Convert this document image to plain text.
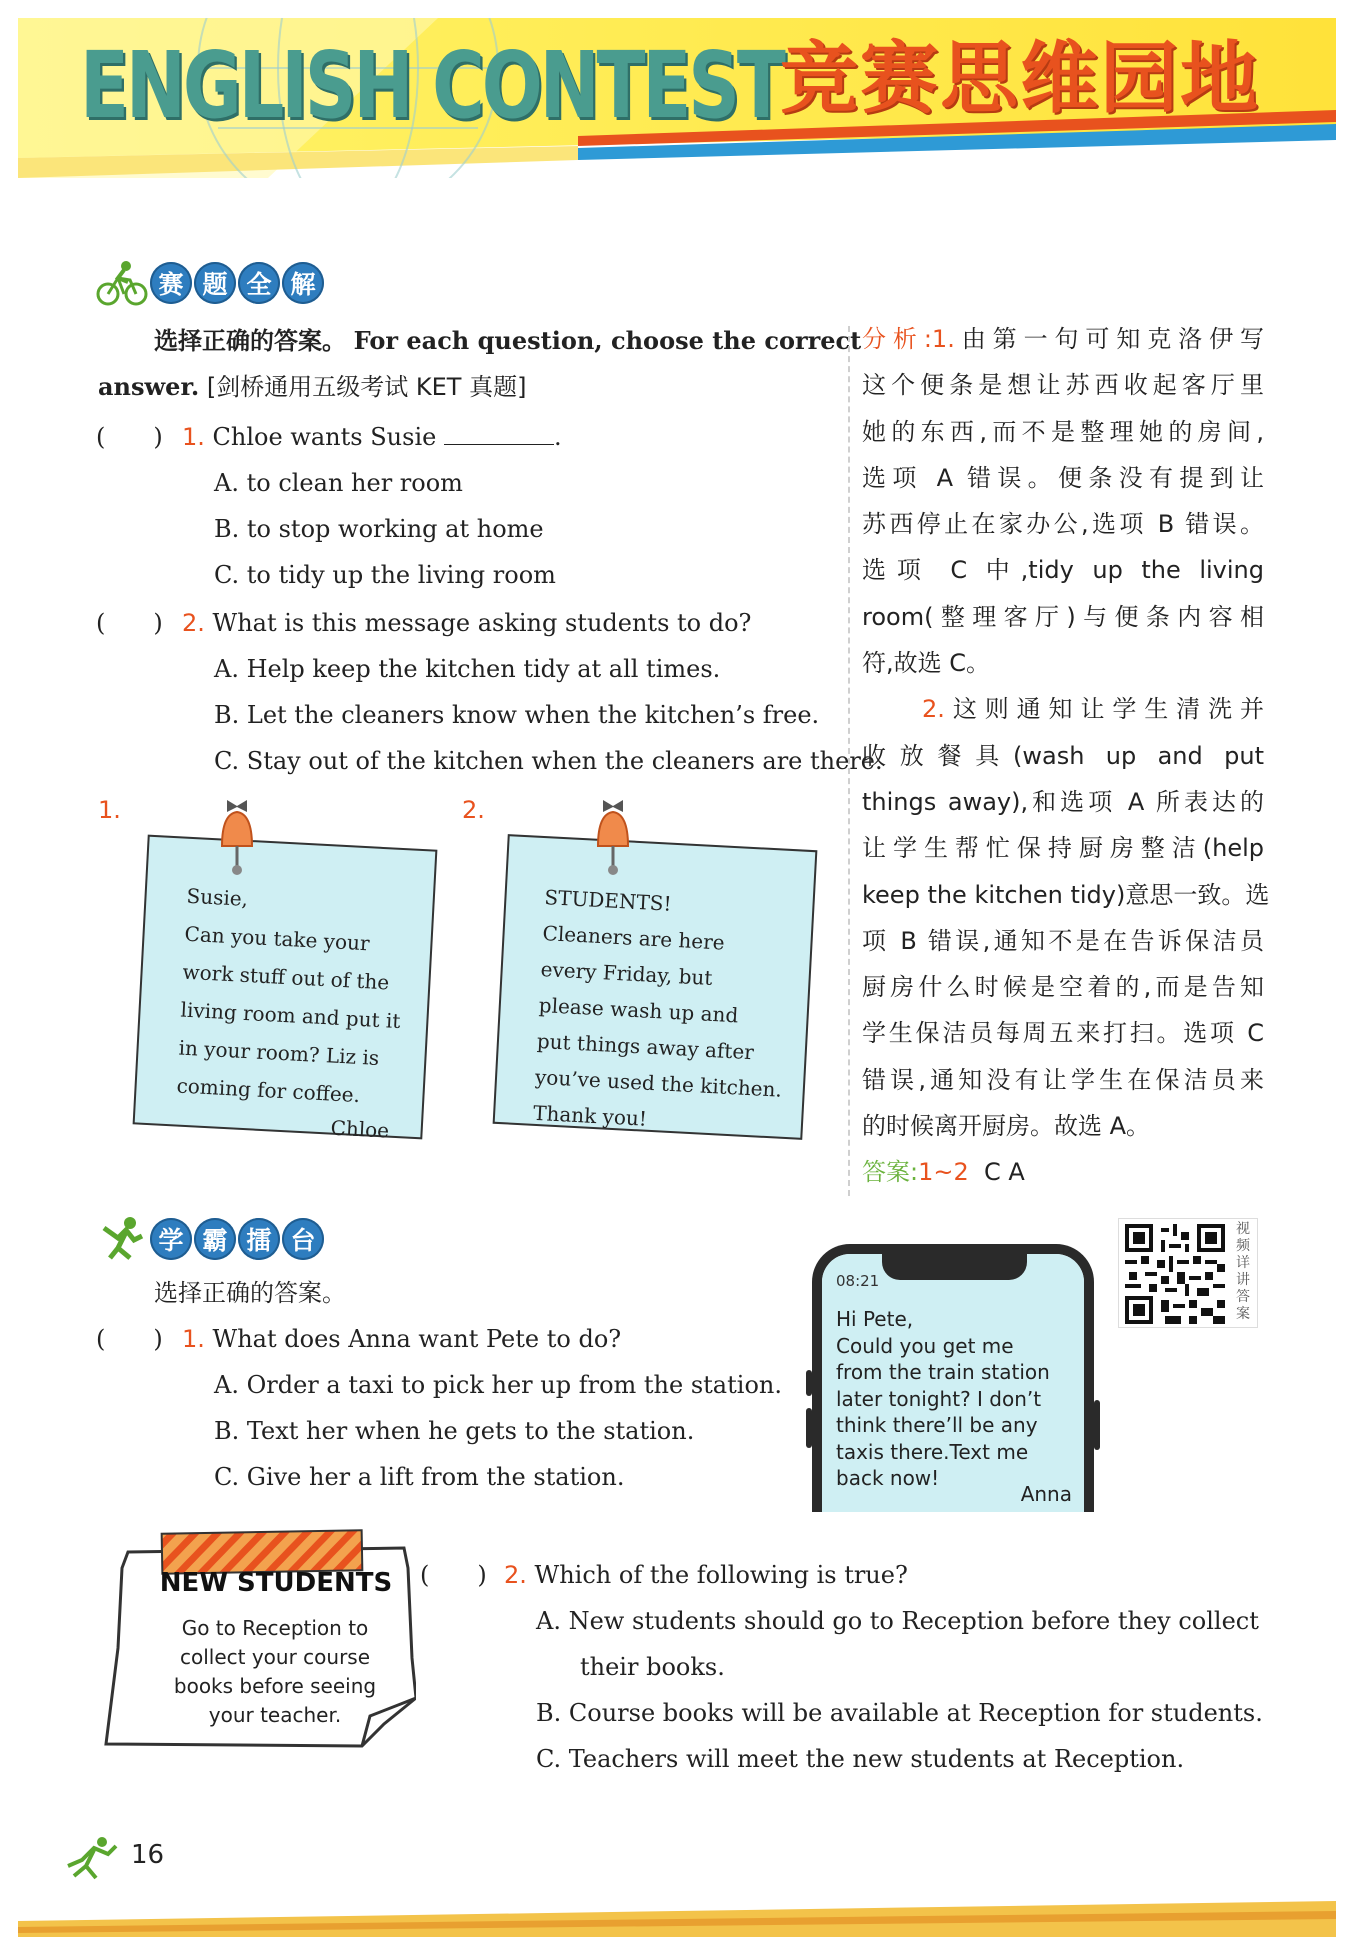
ENGLISH CONTEST
竞赛思维园地
赛 题 全 解
选择正确的答案。 For each question, choose the correct
answer. [剑桥通用五级考试 KET 真题]
(　　) 1. Chloe wants Susie	.
A. to clean her room
B. to stop working at home
C. to tidy up the living room
(　　) 2. What is this message asking students to do?
A. Help keep the kitchen tidy at all times.
B. Let the cleaners know when the kitchen’s free.
C. Stay out of the kitchen when the cleaners are there.
1.	2.
Susie,
Can you take your
work stuff out of the
living room and put it
in your room? Liz is
coming for coffee.
Chloe
STUDENTS!
Cleaners are here
every Friday, but
please wash up and
put things away after
you’ve used the kitchen.
Thank you!
分析:1.由第一句可知克洛伊写
这个便条是想让苏西收起客厅里
她的东西,而不是整理她的房间,
选项 A 错误。便条没有提到让
苏西停止在家办公,选项 B 错误。
选项 C 中,tidy up the living
room(整理客厅)与便条内容相
符,故选 C。
2.这则通知让学生清洗并
收放餐具(wash up and put
things away),和选项 A 所表达的
让学生帮忙保持厨房整洁(help
keep the kitchen tidy)意思一致。选
项 B 错误,通知不是在告诉保洁员
厨房什么时候是空着的,而是告知
学生保洁员每周五来打扫。选项 C
错误,通知没有让学生在保洁员来
的时候离开厨房。故选 A。
答案:1~2 C A
学 霸 擂 台
选择正确的答案。
(　　) 1. What does Anna want Pete to do?
A. Order a taxi to pick her up from the station.
B. Text her when he gets to the station.
C. Give her a lift from the station.
08:21
Hi Pete,
Could you get me
from the train station
later tonight? I don’t
think there’ll be any
taxis there.Text me
back now!
Anna
视
频
详
讲
答
案
NEW STUDENTS
Go to Reception to
collect your course
books before seeing
your teacher.
(　　) 2. Which of the following is true?
A. New students should go to Reception before they collect
their books.
B. Course books will be available at Reception for students.
C. Teachers will meet the new students at Reception.
16
